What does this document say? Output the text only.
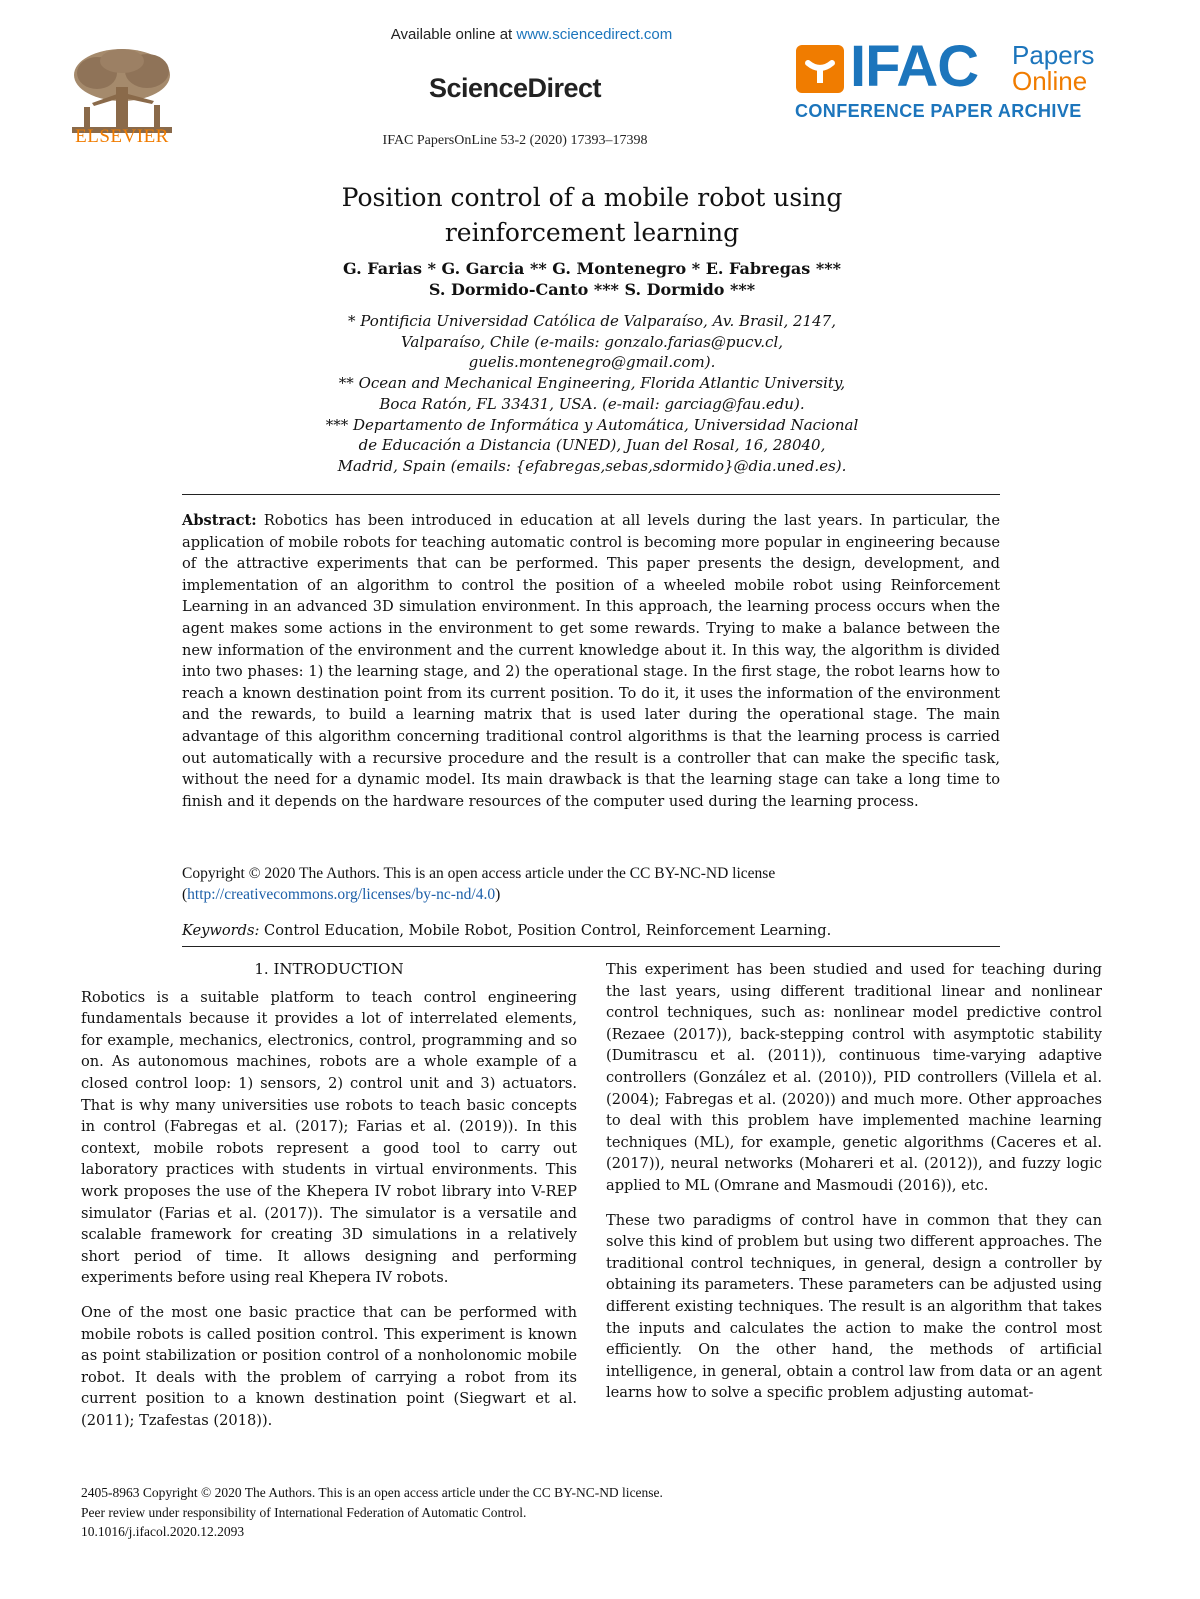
ELSEVIER
Available online at www.sciencedirect.com
ScienceDirect
IFAC PapersOnLine 53-2 (2020) 17393–17398
IFAC Papers
Online
CONFERENCE PAPER ARCHIVE
Position control of a mobile robot using
reinforcement learning
G. Farias * G. Garcia ** G. Montenegro * E. Fabregas ***
S. Dormido-Canto *** S. Dormido ***
* Pontificia Universidad Católica de Valparaíso, Av. Brasil, 2147,
Valparaíso, Chile (e-mails: gonzalo.farias@pucv.cl,
guelis.montenegro@gmail.com).
** Ocean and Mechanical Engineering, Florida Atlantic University,
Boca Ratón, FL 33431, USA. (e-mail: garciag@fau.edu).
*** Departamento de Informática y Automática, Universidad Nacional
de Educación a Distancia (UNED), Juan del Rosal, 16, 28040,
Madrid, Spain (emails: {efabregas,sebas,sdormido}@dia.uned.es).
Abstract: Robotics has been introduced in education at all levels during the last years. In particular, the application of mobile robots for teaching automatic control is becoming more popular in engineering because of the attractive experiments that can be performed. This paper presents the design, development, and implementation of an algorithm to control the position of a wheeled mobile robot using Reinforcement Learning in an advanced 3D simulation environment. In this approach, the learning process occurs when the agent makes some actions in the environment to get some rewards. Trying to make a balance between the new information of the environment and the current knowledge about it. In this way, the algorithm is divided into two phases: 1) the learning stage, and 2) the operational stage. In the first stage, the robot learns how to reach a known destination point from its current position. To do it, it uses the information of the environment and the rewards, to build a learning matrix that is used later during the operational stage. The main advantage of this algorithm concerning traditional control algorithms is that the learning process is carried out automatically with a recursive procedure and the result is a controller that can make the specific task, without the need for a dynamic model. Its main drawback is that the learning stage can take a long time to finish and it depends on the hardware resources of the computer used during the learning process.
Copyright © 2020 The Authors. This is an open access article under the CC BY-NC-ND license
(http://creativecommons.org/licenses/by-nc-nd/4.0)
Keywords: Control Education, Mobile Robot, Position Control, Reinforcement Learning.
1. INTRODUCTION

Robotics is a suitable platform to teach control engineering fundamentals because it provides a lot of interrelated elements, for example, mechanics, electronics, control, programming and so on. As autonomous machines, robots are a whole example of a closed control loop: 1) sensors, 2) control unit and 3) actuators. That is why many universities use robots to teach basic concepts in control (Fabregas et al. (2017); Farias et al. (2019)). In this context, mobile robots represent a good tool to carry out laboratory practices with students in virtual environments. This work proposes the use of the Khepera IV robot library into V-REP simulator (Farias et al. (2017)). The simulator is a versatile and scalable framework for creating 3D simulations in a relatively short period of time. It allows designing and performing experiments before using real Khepera IV robots.

One of the most one basic practice that can be performed with mobile robots is called position control. This experiment is known as point stabilization or position control of a nonholonomic mobile robot. It deals with the problem of carrying a robot from its current position to a known destination point (Siegwart et al. (2011); Tzafestas (2018)).

This experiment has been studied and used for teaching during the last years, using different traditional linear and nonlinear control techniques, such as: nonlinear model predictive control (Rezaee (2017)), back-stepping control with asymptotic stability (Dumitrascu et al. (2011)), continuous time-varying adaptive controllers (González et al. (2010)), PID controllers (Villela et al. (2004); Fabregas et al. (2020)) and much more. Other approaches to deal with this problem have implemented machine learning techniques (ML), for example, genetic algorithms (Caceres et al. (2017)), neural networks (Mohareri et al. (2012)), and fuzzy logic applied to ML (Omrane and Masmoudi (2016)), etc.

These two paradigms of control have in common that they can solve this kind of problem but using two different approaches. The traditional control techniques, in general, design a controller by obtaining its parameters. These parameters can be adjusted using different existing techniques. The result is an algorithm that takes the inputs and calculates the action to make the control most efficiently. On the other hand, the methods of artificial intelligence, in general, obtain a control law from data or an agent learns how to solve a specific problem adjusting automat-

2405-8963 Copyright © 2020 The Authors. This is an open access article under the CC BY-NC-ND license.
Peer review under responsibility of International Federation of Automatic Control.
10.1016/j.ifacol.2020.12.2093
